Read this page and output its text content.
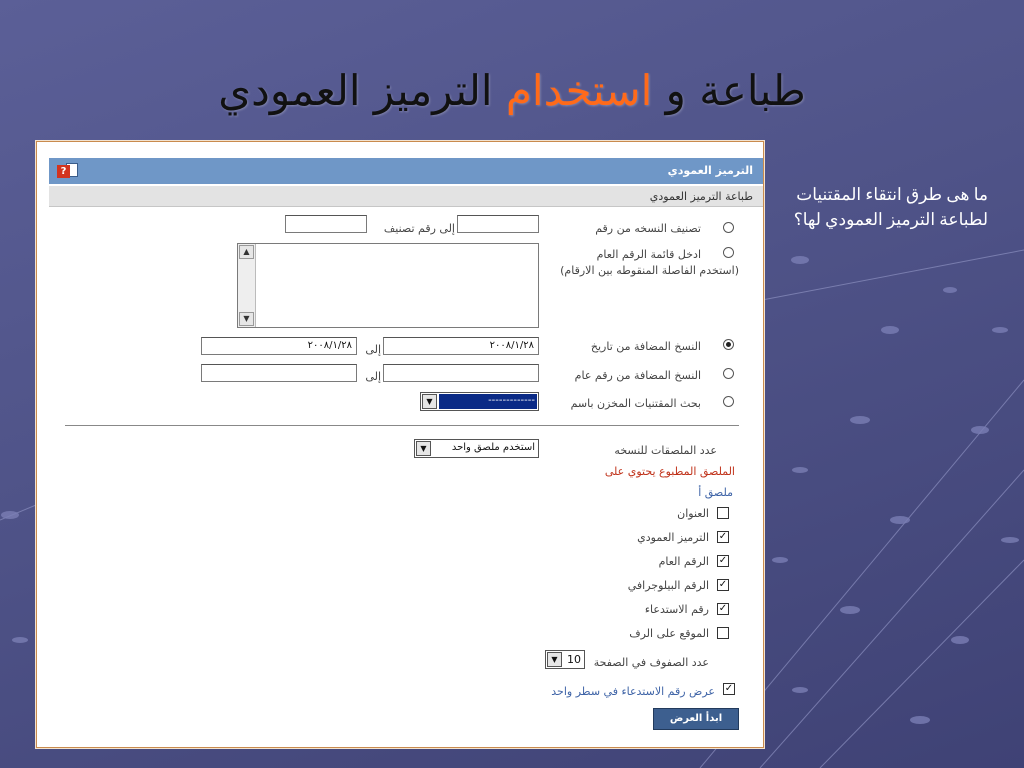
طباعة و استخدام الترميز العمودي
ما هى طرق انتقاء المقتنيات لطباعة الترميز العمودي لها؟
الترميز العمودي
?
طباعة الترميز العمودي
تصنيف النسخه من رقم
إلى رقم تصنيف
ادخل قائمة الرقم العام
(استخدم الفاصلة المنقوطه بين الارقام)
▲
▼
النسخ المضافة من تاريخ
٢٠٠٨/١/٢٨
إلى
٢٠٠٨/١/٢٨
النسخ المضافة من رقم عام
إلى
بحث المقتنيات المخزن باسم
▼	-------------
عدد الملصقات للنسخه
▼	استخدم ملصق واحد
الملصق المطبوع يحتوي على
ملصق أ
العنوان
✓
الترميز العمودي
✓
الرقم العام
✓
الرقم البيلوجرافي
✓
رقم الاستدعاء
الموقع على الرف
عدد الصفوف في الصفحة
▼ 10
✓
عرض رقم الاستدعاء في سطر واحد
ابدأ العرض
